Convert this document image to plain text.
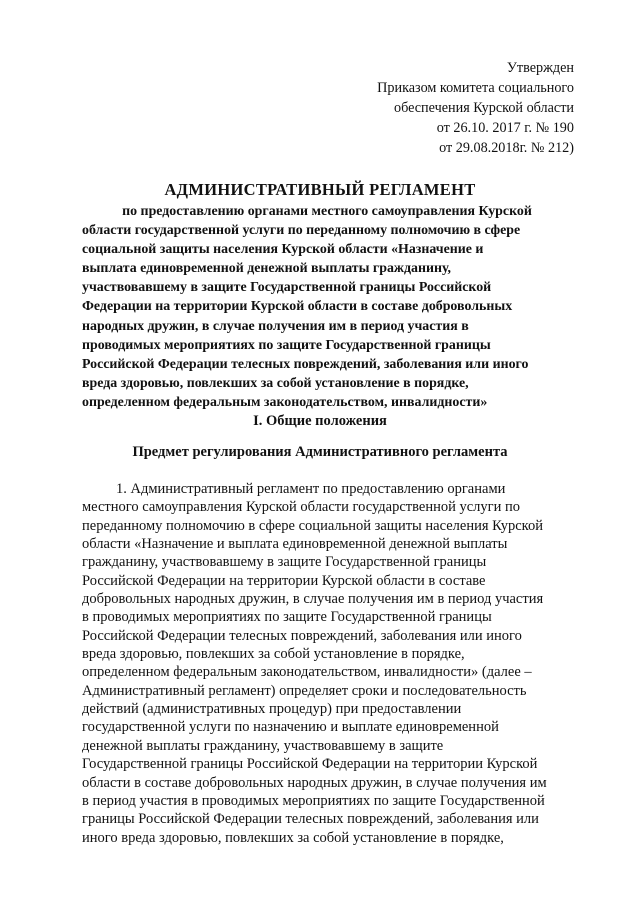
Утвержден
Приказом комитета социального
обеспечения Курской области
от 26.10. 2017 г. № 190
от 29.08.2018г. № 212)
АДМИНИСТРАТИВНЫЙ РЕГЛАМЕНТ
по предоставлению органами местного самоуправления Курской
области государственной услуги по переданному полномочию в сфере
социальной защиты населения Курской области «Назначение и
выплата единовременной денежной выплаты гражданину,
участвовавшему в защите Государственной границы Российской
Федерации на территории Курской области в составе добровольных
народных дружин, в случае получения им в период участия в
проводимых мероприятиях по защите Государственной границы
Российской Федерации телесных повреждений, заболевания или иного
вреда здоровью, повлекших за собой установление в порядке,
определенном федеральным законодательством, инвалидности»
I. Общие положения
Предмет регулирования Административного регламента
1. Административный регламент по предоставлению органами
местного самоуправления Курской области государственной услуги по
переданному полномочию в сфере социальной защиты населения Курской
области «Назначение и выплата единовременной денежной выплаты
гражданину, участвовавшему в защите Государственной границы
Российской Федерации на территории Курской области в составе
добровольных народных дружин, в случае получения им в период участия
в проводимых мероприятиях по защите Государственной границы
Российской Федерации телесных повреждений, заболевания или иного
вреда здоровью, повлекших за собой установление в порядке,
определенном федеральным законодательством, инвалидности» (далее –
Административный регламент) определяет сроки и последовательность
действий (административных процедур) при предоставлении
государственной услуги по назначению и выплате единовременной
денежной выплаты гражданину, участвовавшему в защите
Государственной границы Российской Федерации на территории Курской
области в составе добровольных народных дружин, в случае получения им
в период участия в проводимых мероприятиях по защите Государственной
границы Российской Федерации телесных повреждений, заболевания или
иного вреда здоровью, повлекших за собой установление в порядке,
